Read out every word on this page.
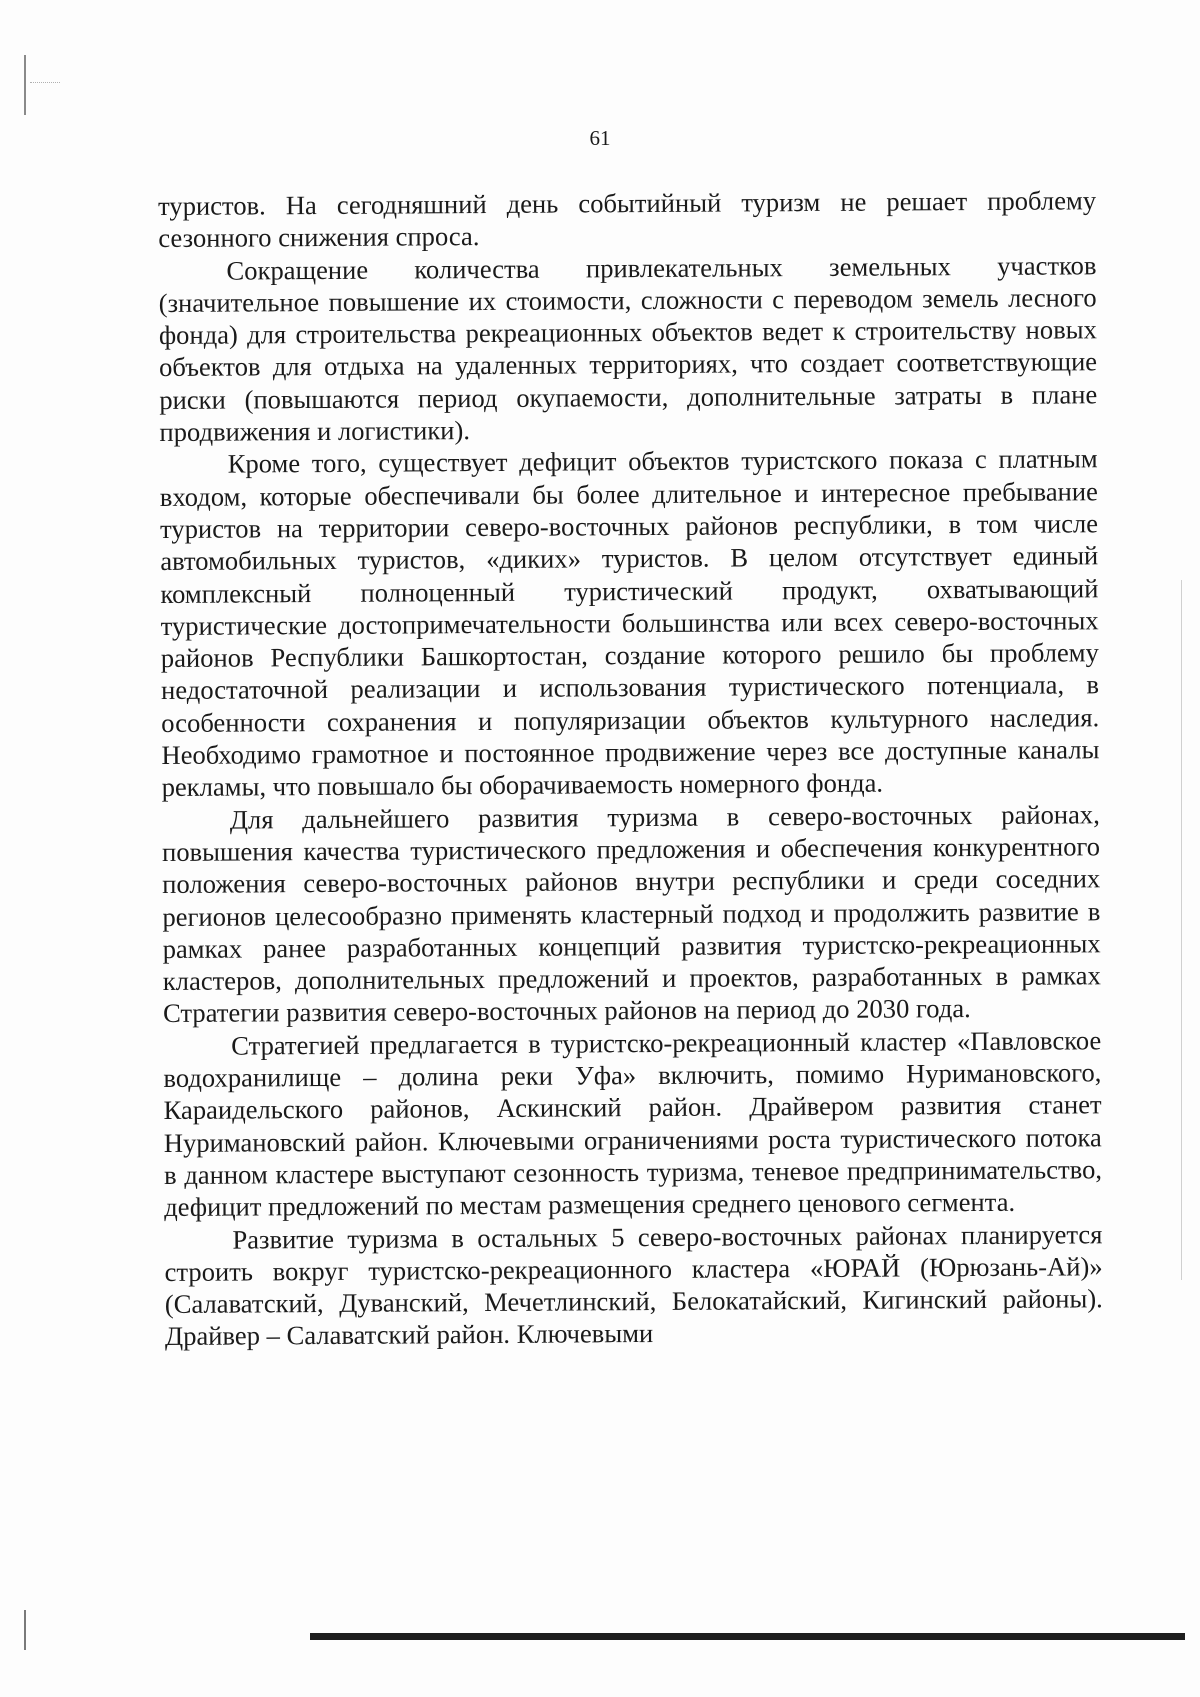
61

туристов. На сегодняшний день событийный туризм не решает проблему сезонного снижения спроса.

Сокращение количества привлекательных земельных участков (значительное повышение их стоимости, сложности с переводом земель лесного фонда) для строительства рекреационных объектов ведет к строительству новых объектов для отдыха на удаленных территориях, что создает соответствующие риски (повышаются период окупаемости, дополнительные затраты в плане продвижения и логистики).

Кроме того, существует дефицит объектов туристского показа с платным входом, которые обеспечивали бы более длительное и интересное пребывание туристов на территории северо-восточных районов республики, в том числе автомобильных туристов, «диких» туристов. В целом отсутствует единый комплексный полноценный туристический продукт, охватывающий туристические достопримечательности большинства или всех северо-восточных районов Республики Башкортостан, создание которого решило бы проблему недостаточной реализации и использования туристического потенциала, в особенности сохранения и популяризации объектов культурного наследия. Необходимо грамотное и постоянное продвижение через все доступные каналы рекламы, что повышало бы оборачиваемость номерного фонда.

Для дальнейшего развития туризма в северо-восточных районах, повышения качества туристического предложения и обеспечения конкурентного положения северо-восточных районов внутри республики и среди соседних регионов целесообразно применять кластерный подход и продолжить развитие в рамках ранее разработанных концепций развития туристско-рекреационных кластеров, дополнительных предложений и проектов, разработанных в рамках Стратегии развития северо-восточных районов на период до 2030 года.

Стратегией предлагается в туристско-рекреационный кластер «Павловское водохранилище – долина реки Уфа» включить, помимо Нуримановского, Караидельского районов, Аскинский район. Драйвером развития станет Нуримановский район. Ключевыми ограничениями роста туристического потока в данном кластере выступают сезонность туризма, теневое предпринимательство, дефицит предложений по местам размещения среднего ценового сегмента.

Развитие туризма в остальных 5 северо-восточных районах планируется строить вокруг туристско-рекреационного кластера «ЮРАЙ (Юрюзань-Ай)» (Салаватский, Дуванский, Мечетлинский, Белокатайский, Кигинский районы). Драйвер – Салаватский район. Ключевыми
